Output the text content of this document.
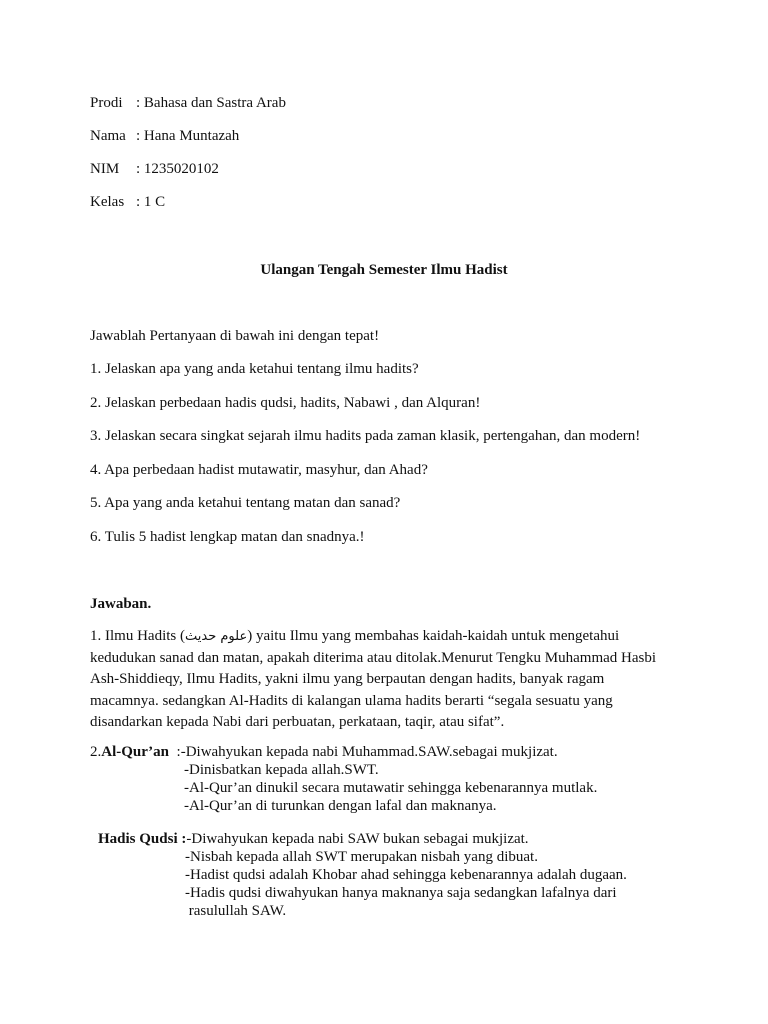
Prodi : Bahasa dan Sastra Arab
Nama : Hana Muntazah
NIM : 1235020102
Kelas : 1 C
Ulangan Tengah Semester Ilmu Hadist
Jawablah Pertanyaan di bawah ini dengan tepat!
1. Jelaskan apa yang anda ketahui tentang ilmu hadits?
2. Jelaskan perbedaan hadis qudsi, hadits, Nabawi , dan Alquran!
3. Jelaskan secara singkat sejarah ilmu hadits pada zaman klasik, pertengahan, dan modern!
4. Apa perbedaan hadist mutawatir, masyhur, dan Ahad?
5. Apa yang anda ketahui tentang matan dan sanad?
6. Tulis 5 hadist lengkap matan dan snadnya.!
Jawaban.
1. Ilmu Hadits (علوم حديث) yaitu Ilmu yang membahas kaidah-kaidah untuk mengetahui
kedudukan sanad dan matan, apakah diterima atau ditolak.Menurut Tengku Muhammad Hasbi
Ash-Shiddieqy, Ilmu Hadits, yakni ilmu yang berpautan dengan hadits, banyak ragam
macamnya. sedangkan Al-Hadits di kalangan ulama hadits berarti “segala sesuatu yang
disandarkan kepada Nabi dari perbuatan, perkataan, taqir, atau sifat”.
2.Al-Qur’an  :-Diwahyukan kepada nabi Muhammad.SAW.sebagai mukjizat.
-Dinisbatkan kepada allah.SWT.
-Al-Qur’an dinukil secara mutawatir sehingga kebenarannya mutlak.
-Al-Qur’an di turunkan dengan lafal dan maknanya.
Hadis Qudsi :-Diwahyukan kepada nabi SAW bukan sebagai mukjizat.
-Nisbah kepada allah SWT merupakan nisbah yang dibuat.
-Hadist qudsi adalah Khobar ahad sehingga kebenarannya adalah dugaan.
-Hadis qudsi diwahyukan hanya maknanya saja sedangkan lafalnya dari
rasulullah SAW.
